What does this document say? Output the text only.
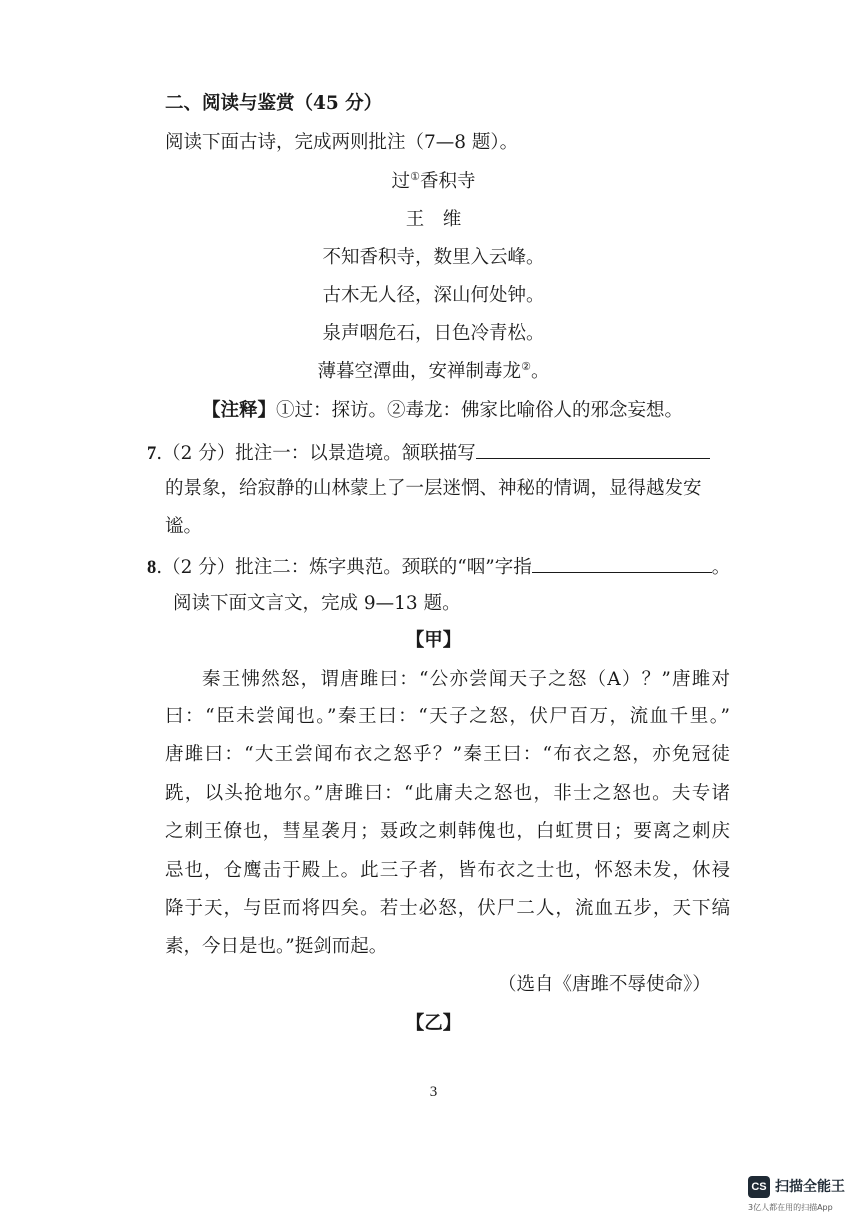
二、阅读与鉴赏（45 分）
阅读下面古诗，完成两则批注（7—8 题）。
过①香积寺
王　维
不知香积寺，数里入云峰。
古木无人径，深山何处钟。
泉声咽危石，日色冷青松。
薄暮空潭曲，安禅制毒龙②。
【注释】①过：探访。②毒龙：佛家比喻俗人的邪念妄想。
7.（2 分）批注一：以景造境。颔联描写
的景象，给寂静的山林蒙上了一层迷惘、神秘的情调，显得越发安
谧。
8.（2 分）批注二：炼字典范。颈联的“咽”字指	。
阅读下面文言文，完成 9—13 题。
【甲】
秦王怫然怒，谓唐雎曰：“公亦尝闻天子之怒（A）？”唐雎对
曰：“臣未尝闻也。”秦王曰：“天子之怒，伏尸百万，流血千里。”
唐雎曰：“大王尝闻布衣之怒乎？”秦王曰：“布衣之怒，亦免冠徒
跣，以头抢地尔。”唐雎曰：“此庸夫之怒也，非士之怒也。夫专诸
之刺王僚也，彗星袭月；聂政之刺韩傀也，白虹贯日；要离之刺庆
忌也，仓鹰击于殿上。此三子者，皆布衣之士也，怀怒未发，休祲
降于天，与臣而将四矣。若士必怒，伏尸二人，流血五步，天下缟
素，今日是也。”挺剑而起。
（选自《唐雎不辱使命》）
【乙】
3
CS 扫描全能王
3亿人都在用的扫描App
